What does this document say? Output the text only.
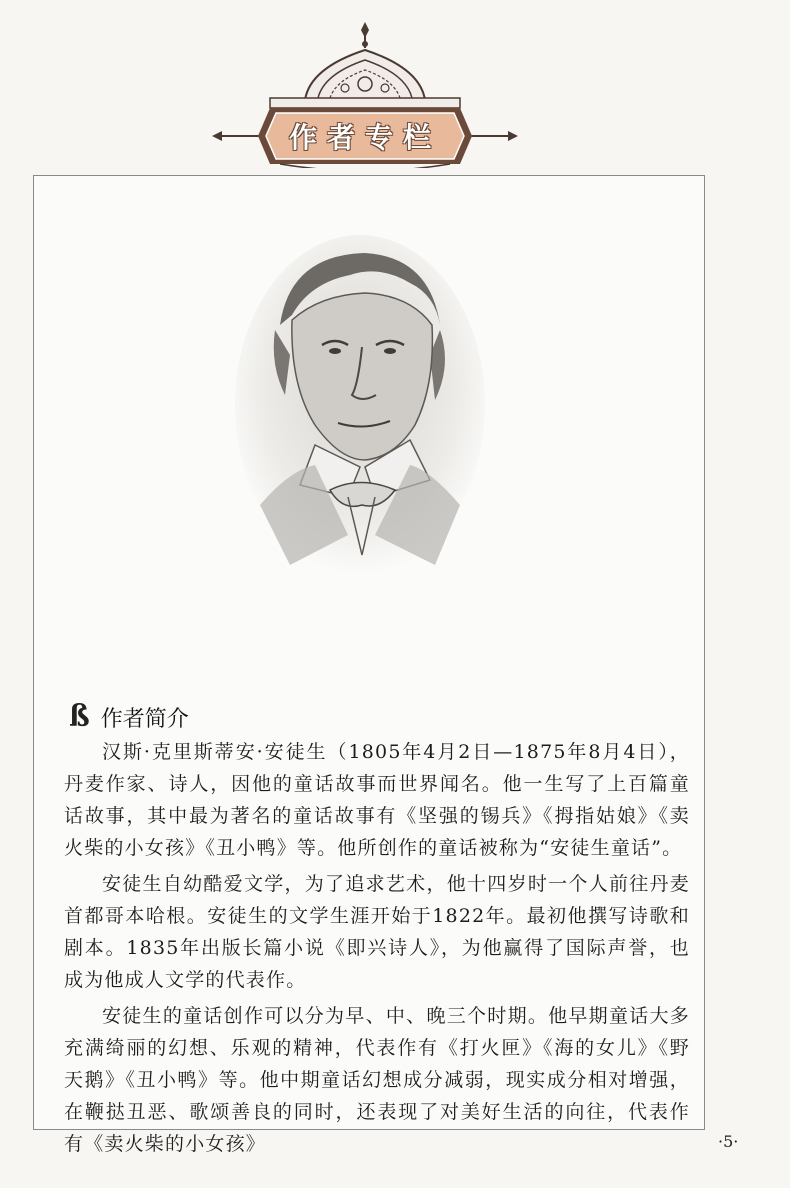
作者专栏
ß 作者简介

汉斯·克里斯蒂安·安徒生（1805年4月2日—1875年8月4日），丹麦作家、诗人，因他的童话故事而世界闻名。他一生写了上百篇童话故事，其中最为著名的童话故事有《坚强的锡兵》《拇指姑娘》《卖火柴的小女孩》《丑小鸭》等。他所创作的童话被称为“安徒生童话”。

安徒生自幼酷爱文学，为了追求艺术，他十四岁时一个人前往丹麦首都哥本哈根。安徒生的文学生涯开始于1822年。最初他撰写诗歌和剧本。1835年出版长篇小说《即兴诗人》，为他赢得了国际声誉，也成为他成人文学的代表作。

安徒生的童话创作可以分为早、中、晚三个时期。他早期童话大多充满绮丽的幻想、乐观的精神，代表作有《打火匣》《海的女儿》《野天鹅》《丑小鸭》等。他中期童话幻想成分减弱，现实成分相对增强，在鞭挞丑恶、歌颂善良的同时，还表现了对美好生活的向往，代表作有《卖火柴的小女孩》	·5·
